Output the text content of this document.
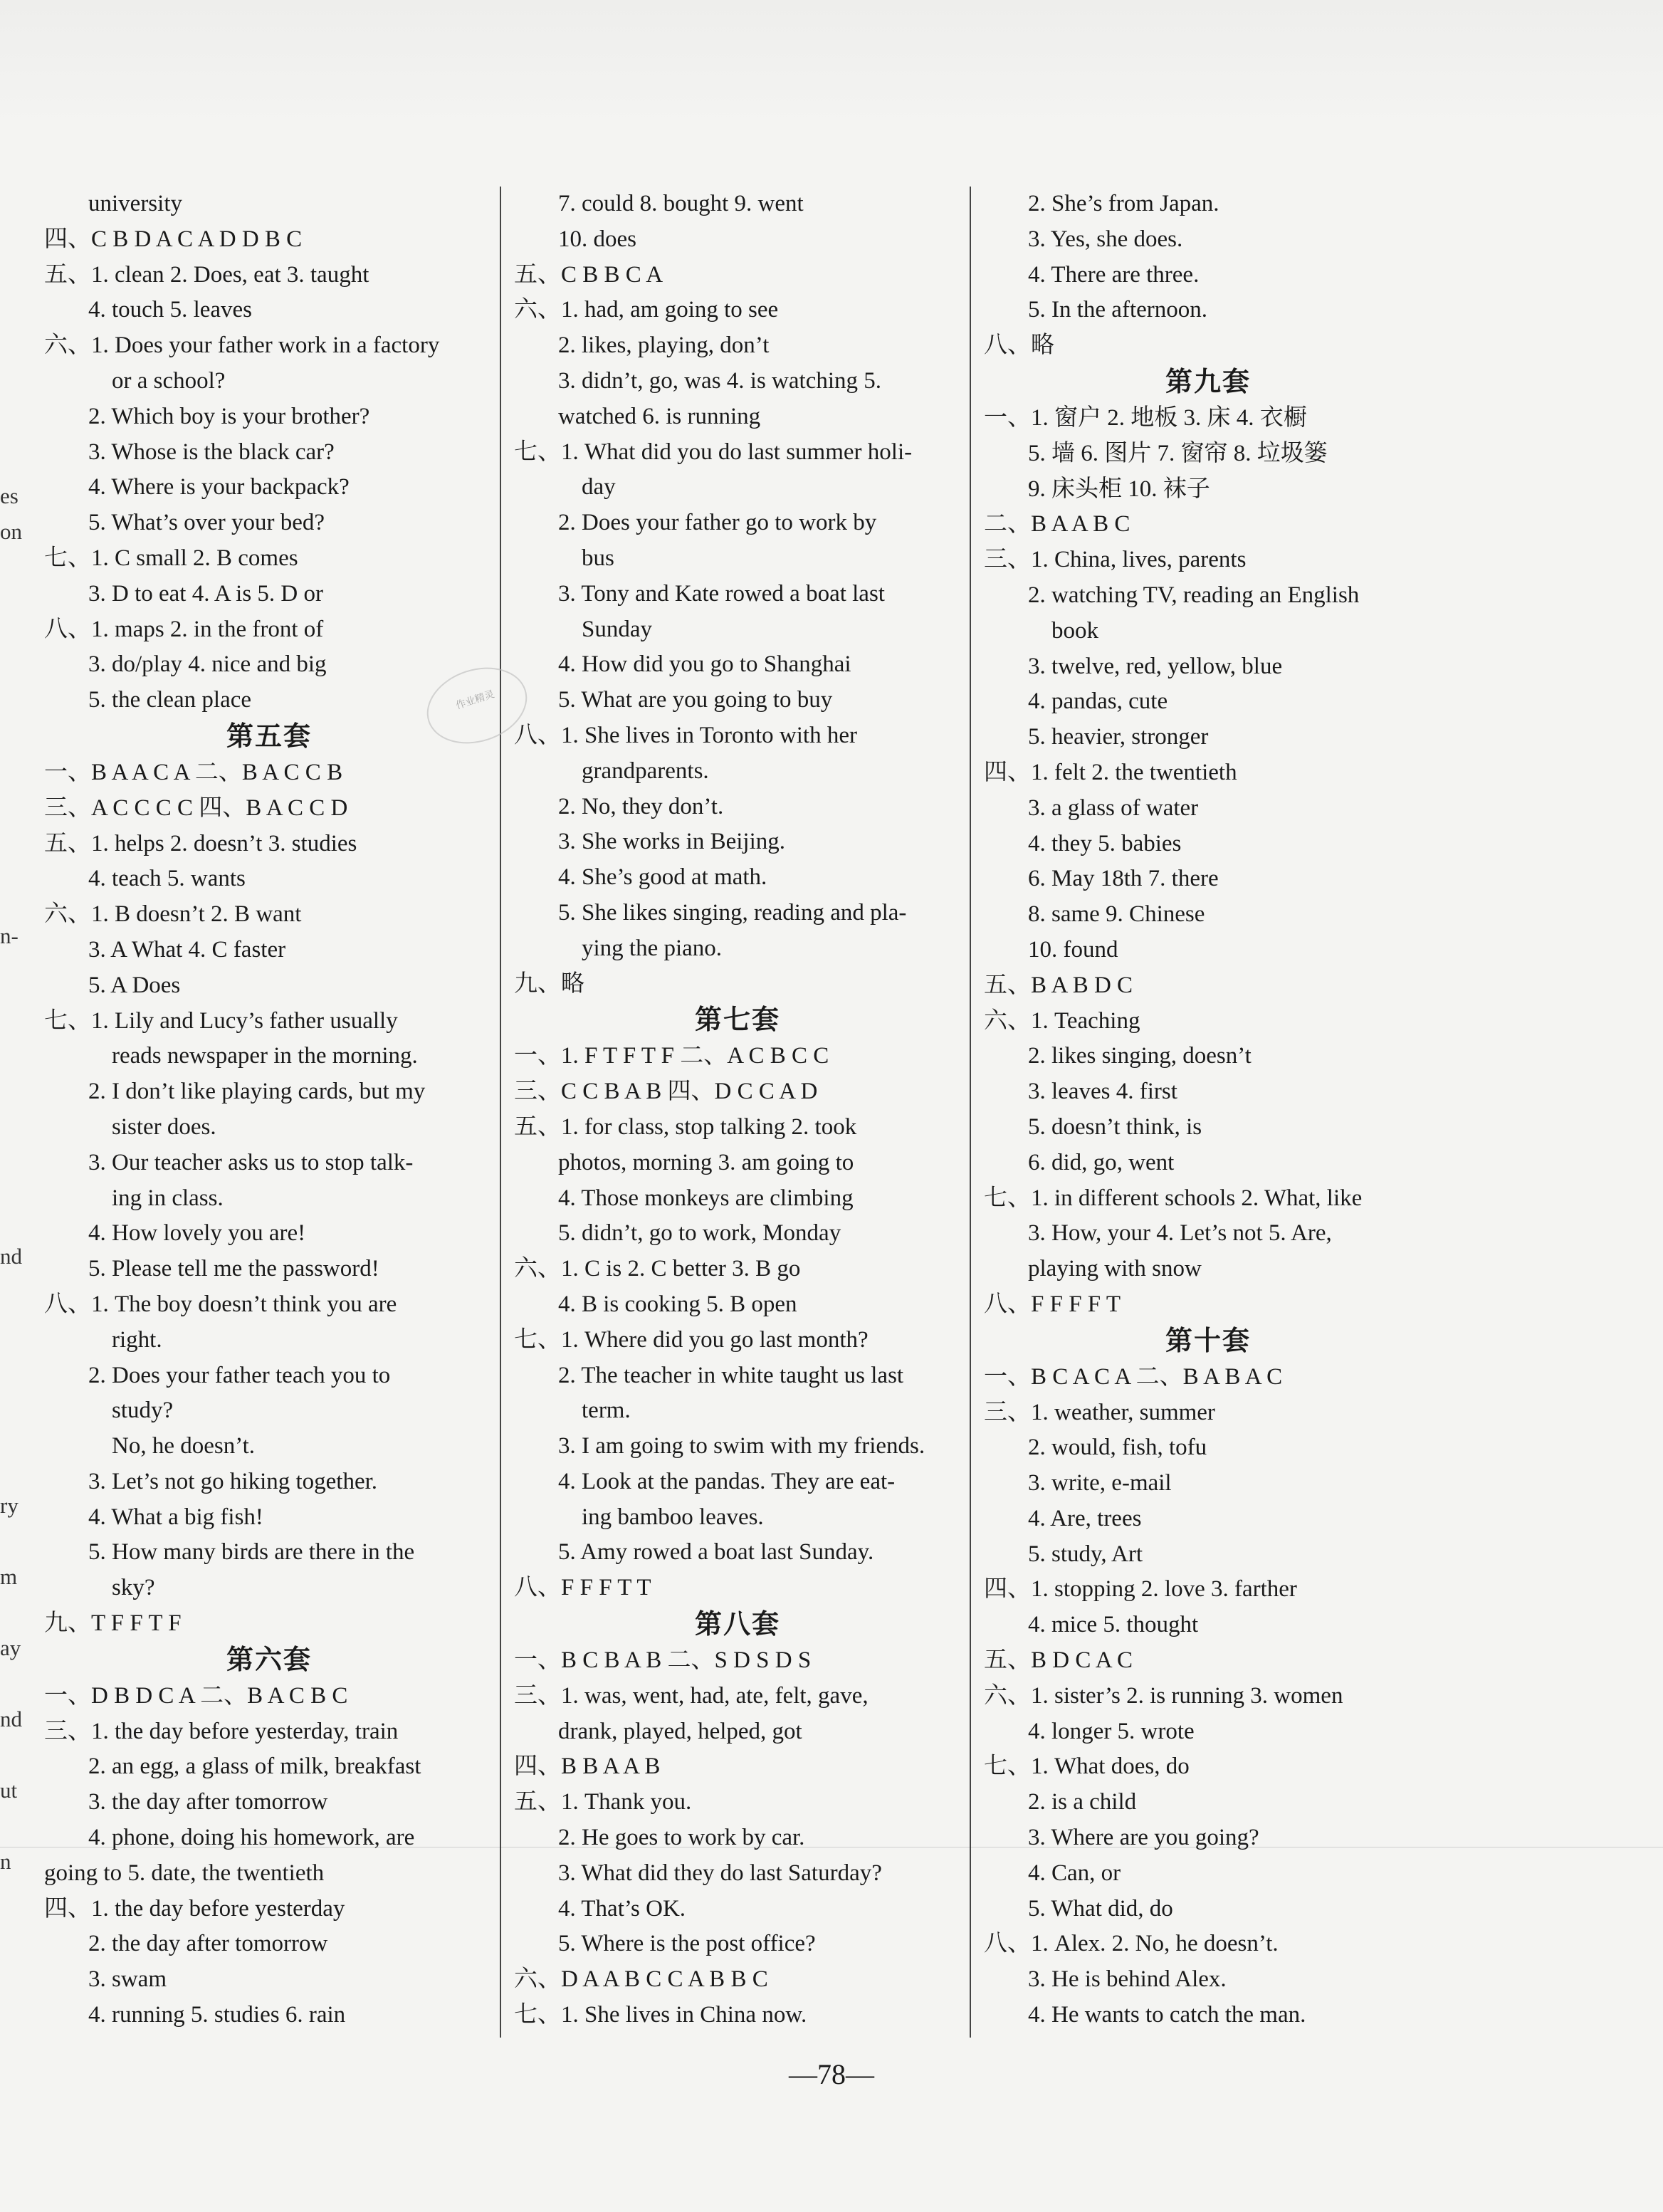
es
on
n-
nd
ry
m
ay
nd
ut
n
university
四、C B D A C A D D B C
五、1. clean 2. Does, eat 3. taught
4. touch 5. leaves
六、1. Does your father work in a factory
or a school?
2. Which boy is your brother?
3. Whose is the black car?
4. Where is your backpack?
5. What’s over your bed?
七、1. C small 2. B comes
3. D to eat 4. A is 5. D or
八、1. maps 2. in the front of
3. do/play 4. nice and big
5. the clean place
第五套
一、B A A C A 二、B A C C B
三、A C C C C 四、B A C C D
五、1. helps 2. doesn’t 3. studies
4. teach 5. wants
六、1. B doesn’t 2. B want
3. A What 4. C faster
5. A Does
七、1. Lily and Lucy’s father usually
reads newspaper in the morning.
2. I don’t like playing cards, but my
sister does.
3. Our teacher asks us to stop talk-
ing in class.
4. How lovely you are!
5. Please tell me the password!
八、1. The boy doesn’t think you are
right.
2. Does your father teach you to
study?
No, he doesn’t.
3. Let’s not go hiking together.
4. What a big fish!
5. How many birds are there in the
sky?
九、T F F T F
第六套
一、D B D C A 二、B A C B C
三、1. the day before yesterday, train
2. an egg, a glass of milk, breakfast
3. the day after tomorrow
4. phone, doing his homework, are
going to 5. date, the twentieth
四、1. the day before yesterday
2. the day after tomorrow
3. swam
4. running 5. studies 6. rain
7. could 8. bought 9. went
10. does
五、C B B C A
六、1. had, am going to see
2. likes, playing, don’t
3. didn’t, go, was 4. is watching 5.
watched 6. is running
七、1. What did you do last summer holi-
day
2. Does your father go to work by
bus
3. Tony and Kate rowed a boat last
Sunday
4. How did you go to Shanghai
5. What are you going to buy
八、1. She lives in Toronto with her
grandparents.
2. No, they don’t.
3. She works in Beijing.
4. She’s good at math.
5. She likes singing, reading and pla-
ying the piano.
九、略
第七套
一、1. F T F T F 二、A C B C C
三、C C B A B 四、D C C A D
五、1. for class, stop talking 2. took
photos, morning 3. am going to
4. Those monkeys are climbing
5. didn’t, go to work, Monday
六、1. C is 2. C better 3. B go
4. B is cooking 5. B open
七、1. Where did you go last month?
2. The teacher in white taught us last
term.
3. I am going to swim with my friends.
4. Look at the pandas. They are eat-
ing bamboo leaves.
5. Amy rowed a boat last Sunday.
八、F F F T T
第八套
一、B C B A B 二、S D S D S
三、1. was, went, had, ate, felt, gave,
drank, played, helped, got
四、B B A A B
五、1. Thank you.
2. He goes to work by car.
3. What did they do last Saturday?
4. That’s OK.
5. Where is the post office?
六、D A A B C C A B B C
七、1. She lives in China now.
2. She’s from Japan.
3. Yes, she does.
4. There are three.
5. In the afternoon.
八、略
第九套
一、1. 窗户 2. 地板 3. 床 4. 衣橱
5. 墙 6. 图片 7. 窗帘 8. 垃圾篓
9. 床头柜 10. 袜子
二、B A A B C
三、1. China, lives, parents
2. watching TV, reading an English
book
3. twelve, red, yellow, blue
4. pandas, cute
5. heavier, stronger
四、1. felt 2. the twentieth
3. a glass of water
4. they 5. babies
6. May 18th 7. there
8. same 9. Chinese
10. found
五、B A B D C
六、1. Teaching
2. likes singing, doesn’t
3. leaves 4. first
5. doesn’t think, is
6. did, go, went
七、1. in different schools 2. What, like
3. How, your 4. Let’s not 5. Are,
playing with snow
八、F F F F T
第十套
一、B C A C A 二、B A B A C
三、1. weather, summer
2. would, fish, tofu
3. write, e-mail
4. Are, trees
5. study, Art
四、1. stopping 2. love 3. farther
4. mice 5. thought
五、B D C A C
六、1. sister’s 2. is running 3. women
4. longer 5. wrote
七、1. What does, do
2. is a child
3. Where are you going?
4. Can, or
5. What did, do
八、1. Alex. 2. No, he doesn’t.
3. He is behind Alex.
4. He wants to catch the man.
作业精灵
—78—
